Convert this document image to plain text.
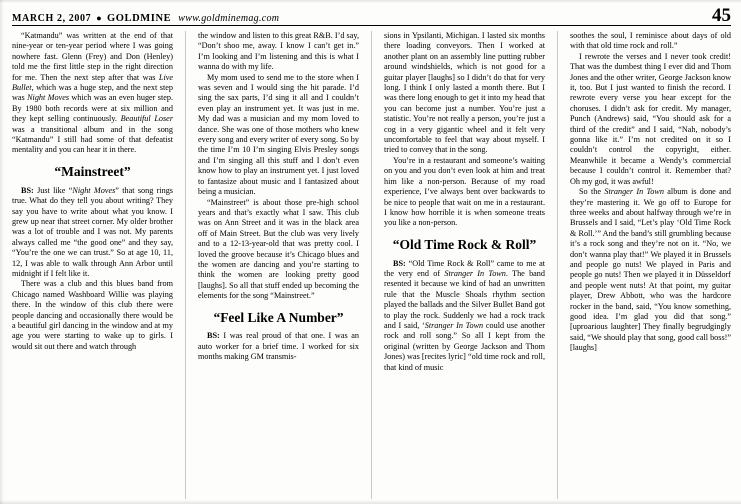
MARCH 2, 2007 ● GOLDMINE www.goldminemag.com	45

“Katmandu” was written at the end of that nine-year or ten-year period where I was going nowhere fast. Glenn (Frey) and Don (Henley) told me the first little step in the right direction for me. Then the next step after that was Live Bullet, which was a huge step, and the next step was Night Moves which was an even huger step. By 1980 both records were at six million and they kept selling continuously. Beautiful Loser was a transitional album and in the song “Katmandu” I still had some of that defeatist mentality and you can hear it in there.

“Mainstreet”

BS: Just like “Night Moves” that song rings true. What do they tell you about writing? They say you have to write about what you know. I grew up near that street corner. My older brother was a lot of trouble and I was not. My parents always called me “the good one” and they say, “You’re the one we can trust.” So at age 10, 11, 12, I was able to walk through Ann Arbor until midnight if I felt like it.

There was a club and this blues band from Chicago named Washboard Willie was playing there. In the window of this club there were people dancing and occasionally there would be a beautiful girl dancing in the window and at my age you were starting to wake up to girls. I would sit out there and watch through

the window and listen to this great R&B. I’d say, “Don’t shoo me, away. I know I can’t get in.” I’m looking and I’m listening and this is what I wanna do with my life.

My mom used to send me to the store when I was seven and I would sing the hit parade. I’d sing the sax parts, I’d sing it all and I couldn’t even play an instrument yet. It was just in me. My dad was a musician and my mom loved to dance. She was one of those mothers who knew every song and every writer of every song. So by the time I’m 10 I’m singing Elvis Presley songs and I’m singing all this stuff and I don’t even know how to play an instrument yet. I just loved to fantasize about music and I fantasized about being a musician.

“Mainstreet” is about those pre-high school years and that’s exactly what I saw. This club was on Ann Street and it was in the black area off of Main Street. But the club was very lively and to a 12-13-year-old that was pretty cool. I loved the groove because it’s Chicago blues and the women are dancing and you’re starting to think the women are looking pretty good [laughs]. So all that stuff ended up becoming the elements for the song “Mainstreet.”

“Feel Like A Number”

BS: I was real proud of that one. I was an auto worker for a brief time. I worked for six months making GM transmis-

sions in Ypsilanti, Michigan. I lasted six months there loading conveyors. Then I worked at another plant on an assembly line putting rubber around windshields, which is not good for a guitar player [laughs] so I didn’t do that for very long. I think I only lasted a month there. But I was there long enough to get it into my head that you can become just a number. You’re just a statistic. You’re not really a person, you’re just a cog in a very gigantic wheel and it felt very uncomfortable to feel that way about myself. I tried to convey that in the song.

You’re in a restaurant and someone’s waiting on you and you don’t even look at him and treat him like a non-person. Because of my road experience, I’ve always bent over backwards to be nice to people that wait on me in a restaurant. I know how horrible it is when someone treats you like a non-person.

“Old Time Rock & Roll”

BS: “Old Time Rock & Roll” came to me at the very end of Stranger In Town. The band resented it because we kind of had an unwritten rule that the Muscle Shoals rhythm section played the ballads and the Silver Bullet Band got to play the rock. Suddenly we had a rock track and I said, ‘Stranger In Town could use another rock and roll song.” So all I kept from the original (written by George Jackson and Thom Jones) was [recites lyric] “old time rock and roll, that kind of music

soothes the soul, I reminisce about days of old with that old time rock and roll.”

I rewrote the verses and I never took credit! That was the dumbest thing I ever did and Thom Jones and the other writer, George Jackson know it, too. But I just wanted to finish the record. I rewrote every verse you hear except for the choruses. I didn’t ask for credit. My manager, Punch (Andrews) said, “You should ask for a third of the credit” and I said, “Nah, nobody’s gonna like it.” I’m not credited on it so I couldn’t control the copyright, either. Meanwhile it became a Wendy’s commercial because I couldn’t control it. Remember that? Oh my god, it was awful!

So the Stranger In Town album is done and they’re mastering it. We go off to Europe for three weeks and about halfway through we’re in Brussels and I said, “Let’s play ‘Old Time Rock & Roll.’” And the band’s still grumbling because it’s a rock song and they’re not on it. “No, we don’t wanna play that!” We played it in Brussels and people go nuts! We played in Paris and people go nuts! Then we played it in Düsseldorf and people went nuts! At that point, my guitar player, Drew Abbott, who was the hardcore rocker in the band, said, “You know something, good idea. I’m glad you did that song.” [uproarious laughter] They finally begrudgingly said, “We should play that song, good call boss!” [laughs]
